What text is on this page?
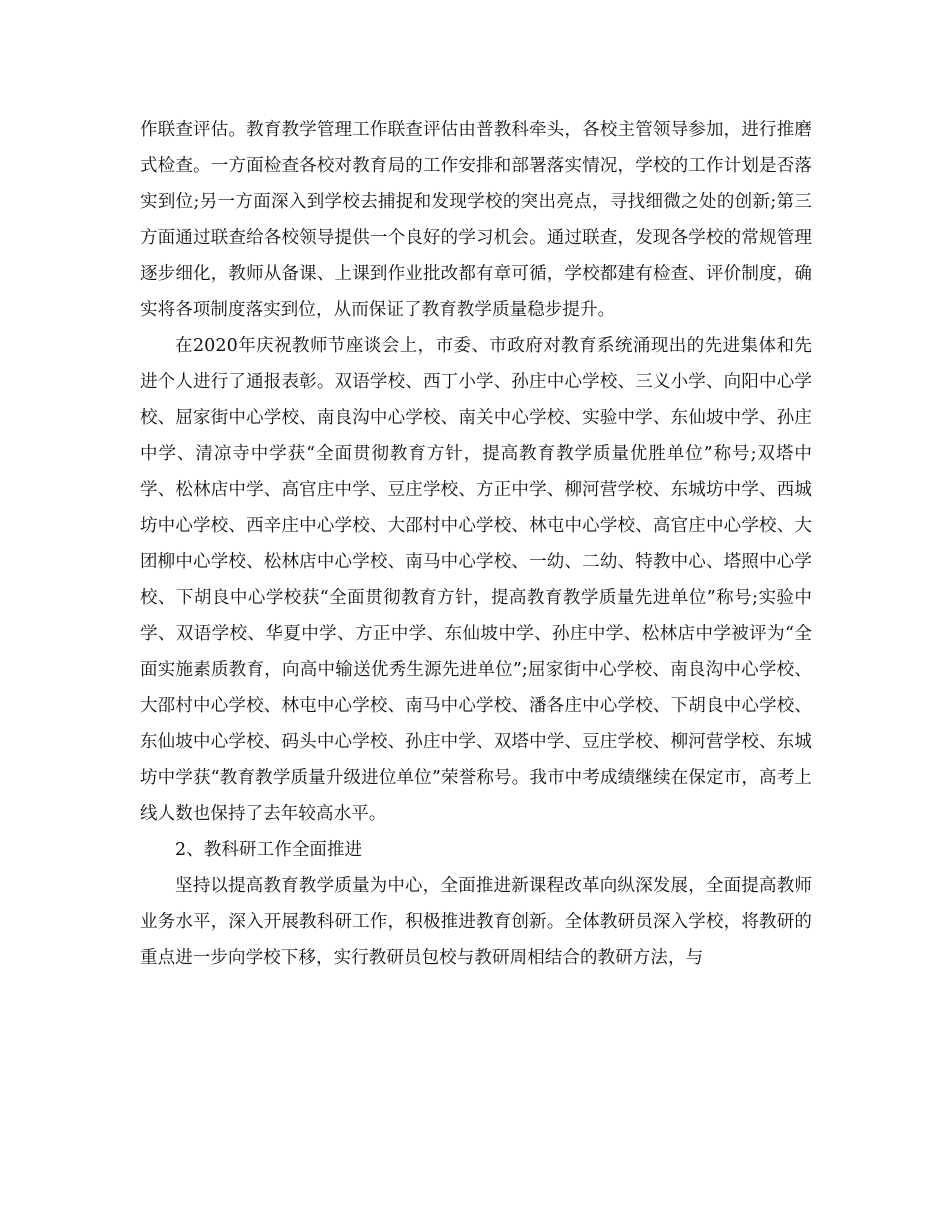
作联查评估。教育教学管理工作联查评估由普教科牵头，各校主管领导参加，进行推磨式检查。一方面检查各校对教育局的工作安排和部署落实情况，学校的工作计划是否落实到位;另一方面深入到学校去捕捉和发现学校的突出亮点，寻找细微之处的创新;第三方面通过联查给各校领导提供一个良好的学习机会。通过联查，发现各学校的常规管理逐步细化，教师从备课、上课到作业批改都有章可循，学校都建有检查、评价制度，确实将各项制度落实到位，从而保证了教育教学质量稳步提升。

在2020年庆祝教师节座谈会上，市委、市政府对教育系统涌现出的先进集体和先进个人进行了通报表彰。双语学校、西丁小学、孙庄中心学校、三义小学、向阳中心学校、屈家街中心学校、南良沟中心学校、南关中心学校、实验中学、东仙坡中学、孙庄中学、清凉寺中学获“全面贯彻教育方针，提高教育教学质量优胜单位”称号;双塔中学、松林店中学、高官庄中学、豆庄学校、方正中学、柳河营学校、东城坊中学、西城坊中心学校、西辛庄中心学校、大邵村中心学校、林屯中心学校、高官庄中心学校、大团柳中心学校、松林店中心学校、南马中心学校、一幼、二幼、特教中心、塔照中心学校、下胡良中心学校获“全面贯彻教育方针，提高教育教学质量先进单位”称号;实验中学、双语学校、华夏中学、方正中学、东仙坡中学、孙庄中学、松林店中学被评为“全面实施素质教育，向高中输送优秀生源先进单位”;屈家街中心学校、南良沟中心学校、大邵村中心学校、林屯中心学校、南马中心学校、潘各庄中心学校、下胡良中心学校、东仙坡中心学校、码头中心学校、孙庄中学、双塔中学、豆庄学校、柳河营学校、东城坊中学获“教育教学质量升级进位单位”荣誉称号。我市中考成绩继续在保定市，高考上线人数也保持了去年较高水平。

2、教科研工作全面推进

坚持以提高教育教学质量为中心，全面推进新课程改革向纵深发展，全面提高教师业务水平，深入开展教科研工作，积极推进教育创新。全体教研员深入学校，将教研的重点进一步向学校下移，实行教研员包校与教研周相结合的教研方法，与
